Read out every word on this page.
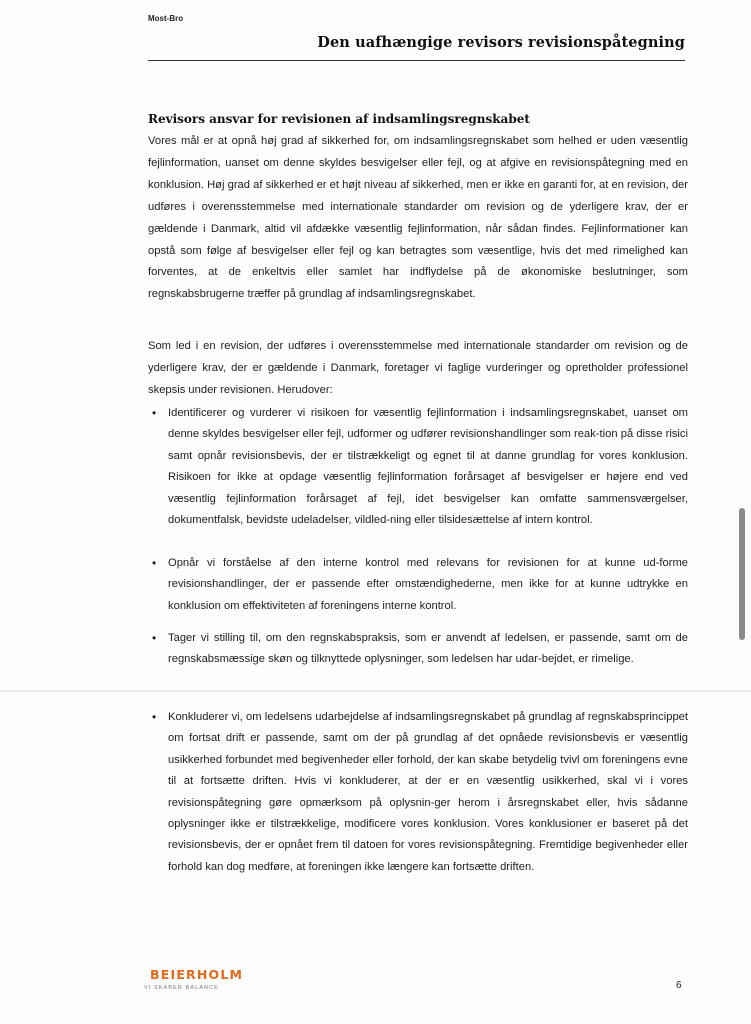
Most-Bro
Den uafhængige revisors revisionspåtegning
Revisors ansvar for revisionen af indsamlingsregnskabet

Vores mål er at opnå høj grad af sikkerhed for, om indsamlingsregnskabet som helhed er uden væsentlig fejlinformation, uanset om denne skyldes besvigelser eller fejl, og at afgive en revisionspåtegning med en konklusion. Høj grad af sikkerhed er et højt niveau af sikkerhed, men er ikke en garanti for, at en revision, der udføres i overensstemmelse med internationale standarder om revision og de yderligere krav, der er gældende i Danmark, altid vil afdække væsentlig fejlinformation, når sådan findes. Fejlinformationer kan opstå som følge af besvigelser eller fejl og kan betragtes som væsentlige, hvis det med rimelighed kan forventes, at de enkeltvis eller samlet har indflydelse på de økonomiske beslutninger, som regnskabsbrugerne træffer på grundlag af indsamlingsregnskabet.

Som led i en revision, der udføres i overensstemmelse med internationale standarder om revision og de yderligere krav, der er gældende i Danmark, foretager vi faglige vurderinger og opretholder professionel skepsis under revisionen. Herudover:

• Identificerer og vurderer vi risikoen for væsentlig fejlinformation i indsamlingsregnskabet, uanset om denne skyldes besvigelser eller fejl, udformer og udfører revisionshandlinger som reak-tion på disse risici samt opnår revisionsbevis, der er tilstrækkeligt og egnet til at danne grundlag for vores konklusion. Risikoen for ikke at opdage væsentlig fejlinformation forårsaget af besvigelser er højere end ved væsentlig fejlinformation forårsaget af fejl, idet besvigelser kan omfatte sammensværgelser, dokumentfalsk, bevidste udeladelser, vildled-ning eller tilsidesættelse af intern kontrol.
• Opnår vi forståelse af den interne kontrol med relevans for revisionen for at kunne ud-forme revisionshandlinger, der er passende efter omstændighederne, men ikke for at kunne udtrykke en konklusion om effektiviteten af foreningens interne kontrol.
• Tager vi stilling til, om den regnskabspraksis, som er anvendt af ledelsen, er passende, samt om de regnskabsmæssige skøn og tilknyttede oplysninger, som ledelsen har udar-bejdet, er rimelige.
• Konkluderer vi, om ledelsens udarbejdelse af indsamlingsregnskabet på grundlag af regnskabsprincippet om fortsat drift er passende, samt om der på grundlag af det opnåede revisionsbevis er væsentlig usikkerhed forbundet med begivenheder eller forhold, der kan skabe betydelig tvivl om foreningens evne til at fortsætte driften. Hvis vi konkluderer, at der er en væsentlig usikkerhed, skal vi i vores revisionspåtegning gøre opmærksom på oplysnin-ger herom i årsregnskabet eller, hvis sådanne oplysninger ikke er tilstrækkelige, modificere vores konklusion. Vores konklusioner er baseret på det revisionsbevis, der er opnået frem til datoen for vores revisionspåtegning. Fremtidige begivenheder eller forhold kan dog medføre, at foreningen ikke længere kan fortsætte driften.
BEIERHOLM
VI SKABER BALANCE	6
